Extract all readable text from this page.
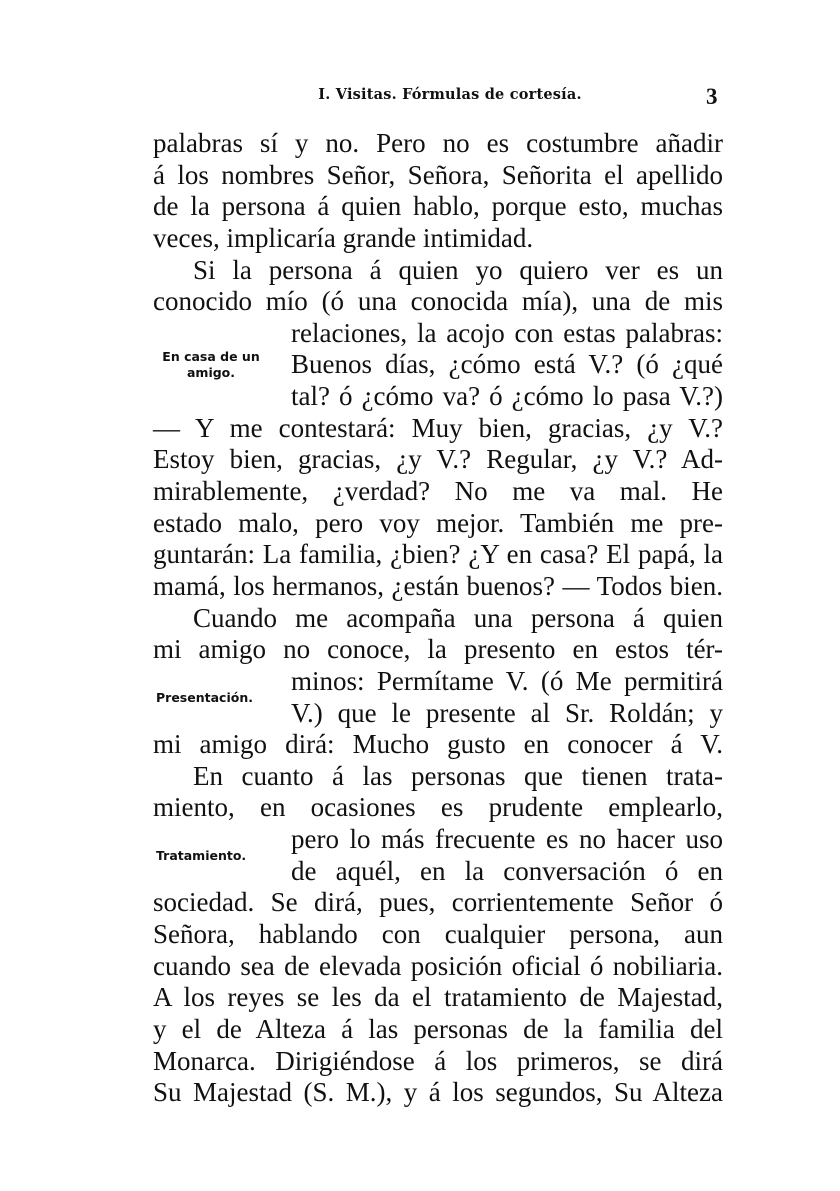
I. Visitas. Fórmulas de cortesía.	3
En casa de un
amigo.
Presentación.
Tratamiento.
palabras sí y no. Pero no es costumbre añadir
á los nombres Señor, Señora, Señorita el apellido
de la persona á quien hablo, porque esto, muchas
veces, implicaría grande intimidad.
Si la persona á quien yo quiero ver es un
conocido mío (ó una conocida mía), una de mis
relaciones, la acojo con estas palabras:
Buenos días, ¿cómo está V.? (ó ¿qué
tal? ó ¿cómo va? ó ¿cómo lo pasa V.?)
— Y me contestará: Muy bien, gracias, ¿y V.?
Estoy bien, gracias, ¿y V.? Regular, ¿y V.? Ad-
mirablemente, ¿verdad? No me va mal. He
estado malo, pero voy mejor. También me pre-
guntarán: La familia, ¿bien? ¿Y en casa? El papá, la
mamá, los hermanos, ¿están buenos? — Todos bien.
Cuando me acompaña una persona á quien
mi amigo no conoce, la presento en estos tér-
minos: Permítame V. (ó Me permitirá
V.) que le presente al Sr. Roldán; y
mi amigo dirá: Mucho gusto en conocer á V.
En cuanto á las personas que tienen trata-
miento, en ocasiones es prudente emplearlo,
pero lo más frecuente es no hacer uso
de aquél, en la conversación ó en
sociedad. Se dirá, pues, corrientemente Señor ó
Señora, hablando con cualquier persona, aun
cuando sea de elevada posición oficial ó nobiliaria.
A los reyes se les da el tratamiento de Majestad,
y el de Alteza á las personas de la familia del
Monarca. Dirigiéndose á los primeros, se dirá
Su Majestad (S. M.), y á los segundos, Su Alteza
